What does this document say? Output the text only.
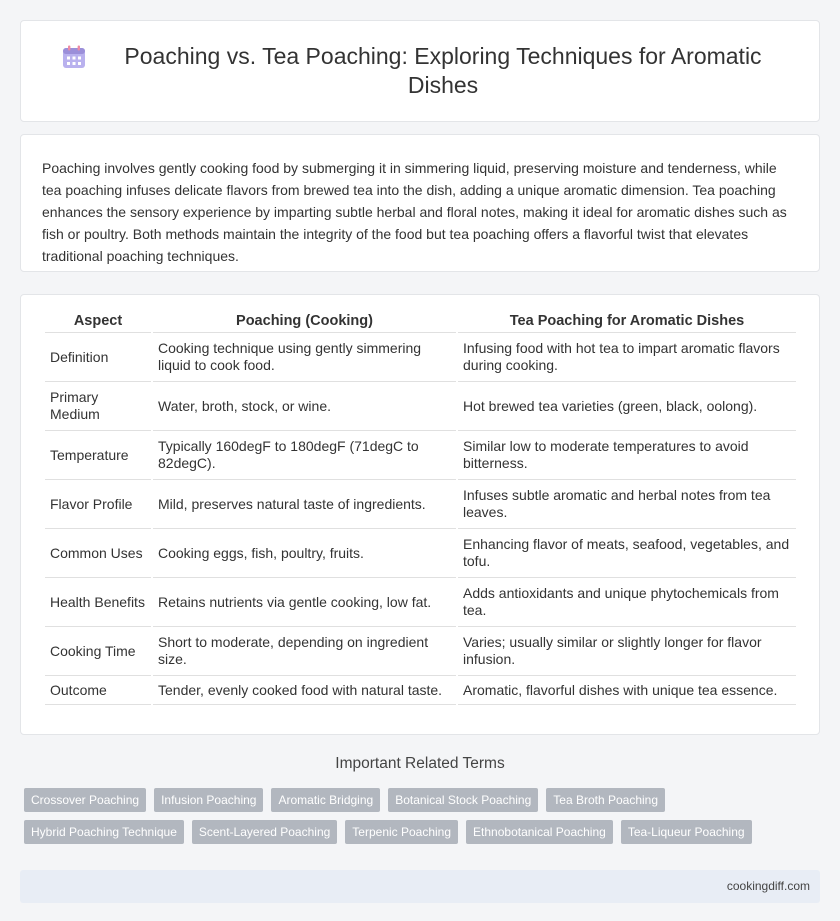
Poaching vs. Tea Poaching: Exploring Techniques for Aromatic Dishes

Poaching involves gently cooking food by submerging it in simmering liquid, preserving moisture and tenderness, while tea poaching infuses delicate flavors from brewed tea into the dish, adding a unique aromatic dimension. Tea poaching enhances the sensory experience by imparting subtle herbal and floral notes, making it ideal for aromatic dishes such as fish or poultry. Both methods maintain the integrity of the food but tea poaching offers a flavorful twist that elevates traditional poaching techniques.

Aspect	Poaching (Cooking)	Tea Poaching for Aromatic Dishes
Definition	Cooking technique using gently simmering liquid to cook food.	Infusing food with hot tea to impart aromatic flavors during cooking.
Primary Medium	Water, broth, stock, or wine.	Hot brewed tea varieties (green, black, oolong).
Temperature	Typically 160degF to 180degF (71degC to 82degC).	Similar low to moderate temperatures to avoid bitterness.
Flavor Profile	Mild, preserves natural taste of ingredients.	Infuses subtle aromatic and herbal notes from tea leaves.
Common Uses	Cooking eggs, fish, poultry, fruits.	Enhancing flavor of meats, seafood, vegetables, and tofu.
Health Benefits	Retains nutrients via gentle cooking, low fat.	Adds antioxidants and unique phytochemicals from tea.
Cooking Time	Short to moderate, depending on ingredient size.	Varies; usually similar or slightly longer for flavor infusion.
Outcome	Tender, evenly cooked food with natural taste.	Aromatic, flavorful dishes with unique tea essence.
Important Related Terms
Crossover Poaching	Infusion Poaching	Aromatic Bridging	Botanical Stock Poaching	Tea Broth Poaching
Hybrid Poaching Technique	Scent-Layered Poaching	Terpenic Poaching	Ethnobotanical Poaching	Tea-Liqueur Poaching
cookingdiff.com
